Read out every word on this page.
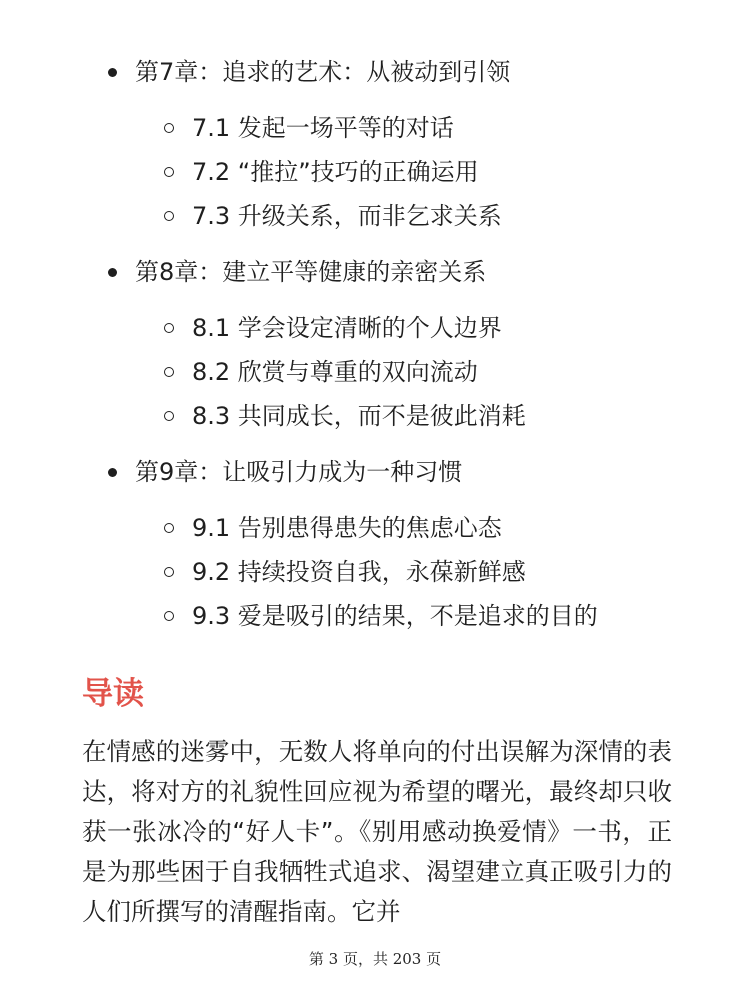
第7章：追求的艺术：从被动到引领
7.1 发起一场平等的对话
7.2 “推拉”技巧的正确运用
7.3 升级关系，而非乞求关系
第8章：建立平等健康的亲密关系
8.1 学会设定清晰的个人边界
8.2 欣赏与尊重的双向流动
8.3 共同成长，而不是彼此消耗
第9章：让吸引力成为一种习惯
9.1 告别患得患失的焦虑心态
9.2 持续投资自我，永葆新鲜感
9.3 爱是吸引的结果，不是追求的目的
导读

在情感的迷雾中，无数人将单向的付出误解为深情的表达，将对方的礼貌性回应视为希望的曙光，最终却只收获一张冰冷的“好人卡”。《别用感动换爱情》一书，正是为那些困于自我牺牲式追求、渴望建立真正吸引力的人们所撰写的清醒指南。它并

第 3 页，共 203 页
